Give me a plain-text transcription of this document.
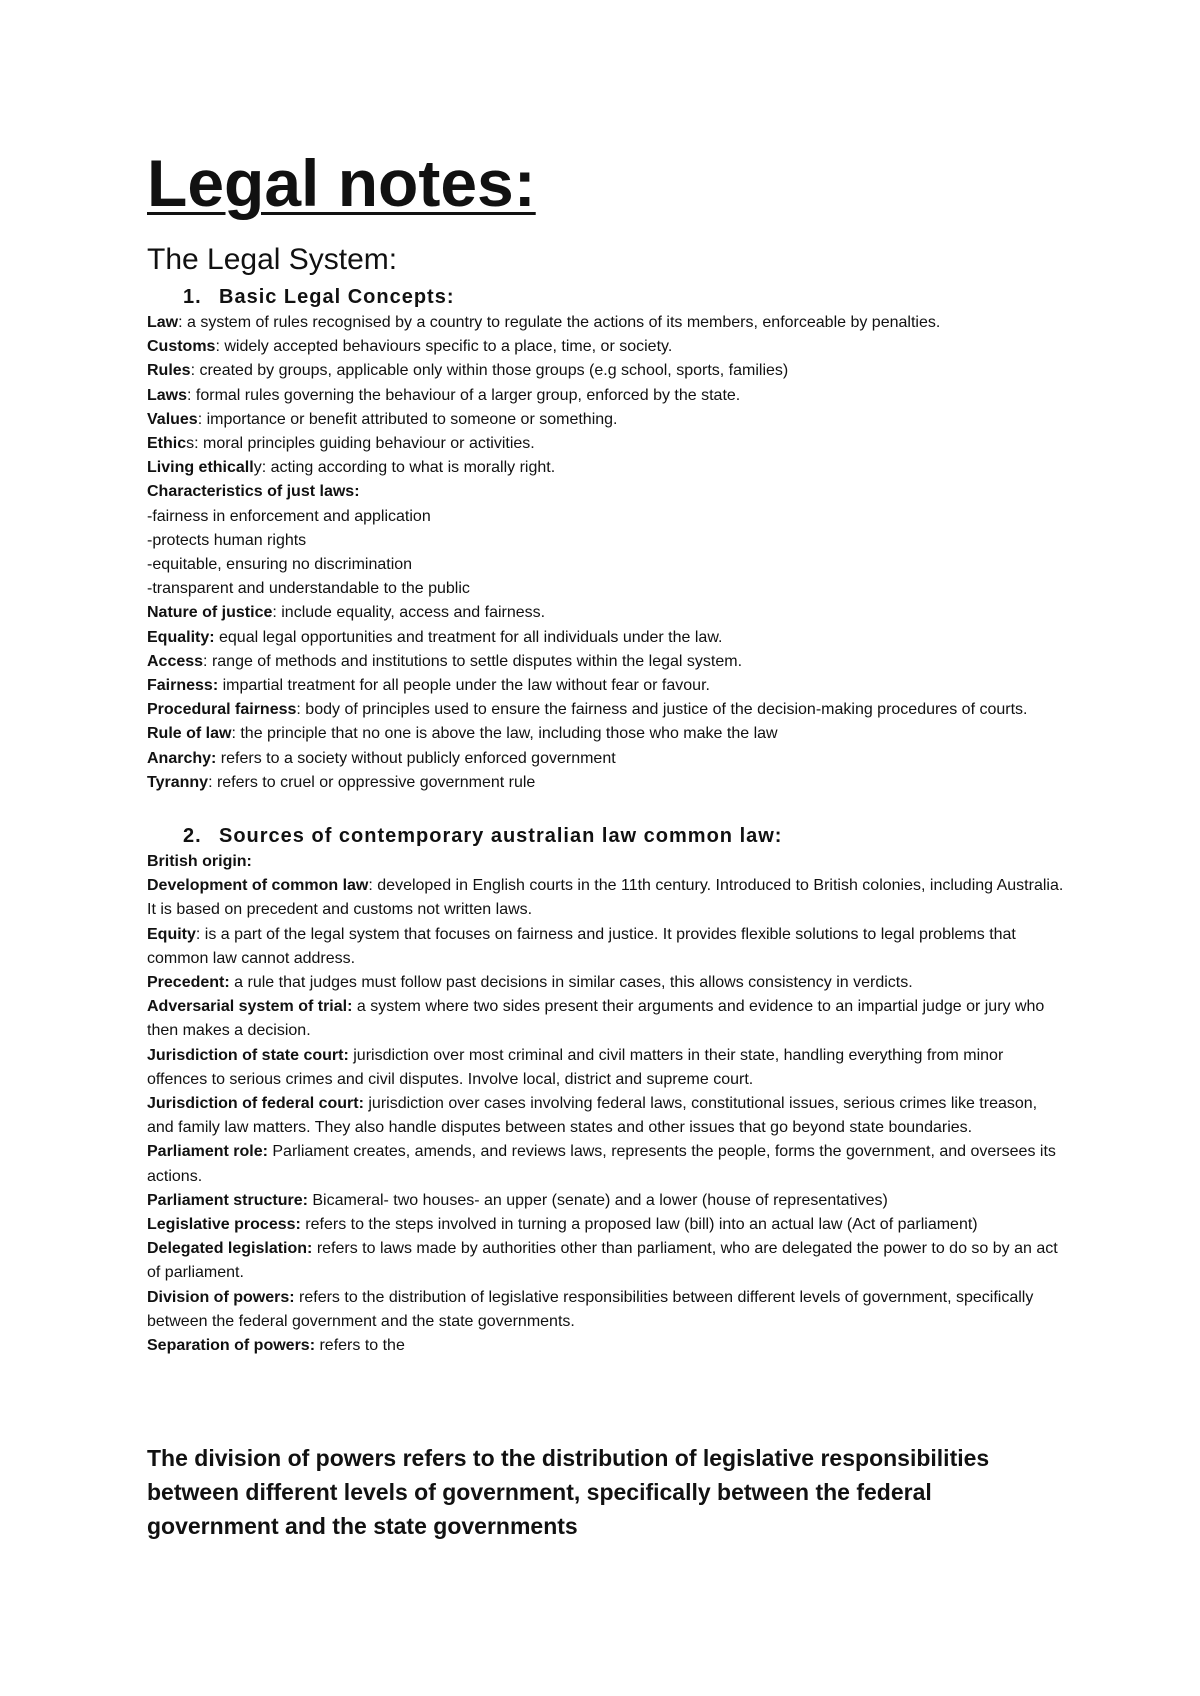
Legal notes:
The Legal System:
1. Basic Legal Concepts:

Law: a system of rules recognised by a country to regulate the actions of its members, enforceable by penalties.

Customs: widely accepted behaviours specific to a place, time, or society.

Rules: created by groups, applicable only within those groups (e.g school, sports, families)

Laws: formal rules governing the behaviour of a larger group, enforced by the state.

Values: importance or benefit attributed to someone or something.

Ethics: moral principles guiding behaviour or activities.

Living ethically: acting according to what is morally right.

Characteristics of just laws:

-fairness in enforcement and application

-protects human rights

-equitable, ensuring no discrimination

-transparent and understandable to the public

Nature of justice: include equality, access and fairness.

Equality: equal legal opportunities and treatment for all individuals under the law.

Access: range of methods and institutions to settle disputes within the legal system.

Fairness: impartial treatment for all people under the law without fear or favour.

Procedural fairness: body of principles used to ensure the fairness and justice of the decision-making procedures of courts.

Rule of law: the principle that no one is above the law, including those who make the law

Anarchy: refers to a society without publicly enforced government

Tyranny: refers to cruel or oppressive government rule

2. Sources of contemporary australian law common law:

British origin:

Development of common law: developed in English courts in the 11th century. Introduced to British colonies, including Australia. It is based on precedent and customs not written laws.

Equity: is a part of the legal system that focuses on fairness and justice. It provides flexible solutions to legal problems that common law cannot address.

Precedent: a rule that judges must follow past decisions in similar cases, this allows consistency in verdicts.

Adversarial system of trial: a system where two sides present their arguments and evidence to an impartial judge or jury who then makes a decision.

Jurisdiction of state court: jurisdiction over most criminal and civil matters in their state, handling everything from minor offences to serious crimes and civil disputes. Involve local, district and supreme court.

Jurisdiction of federal court: jurisdiction over cases involving federal laws, constitutional issues, serious crimes like treason, and family law matters. They also handle disputes between states and other issues that go beyond state boundaries.

Parliament role: Parliament creates, amends, and reviews laws, represents the people, forms the government, and oversees its actions.

Parliament structure: Bicameral- two houses- an upper (senate) and a lower (house of representatives)

Legislative process: refers to the steps involved in turning a proposed law (bill) into an actual law (Act of parliament)

Delegated legislation: refers to laws made by authorities other than parliament, who are delegated the power to do so by an act of parliament.

Division of powers: refers to the distribution of legislative responsibilities between different levels of government, specifically between the federal government and the state governments.

Separation of powers: refers to the

The division of powers refers to the distribution of legislative responsibilities between different levels of government, specifically between the federal government and the state governments
